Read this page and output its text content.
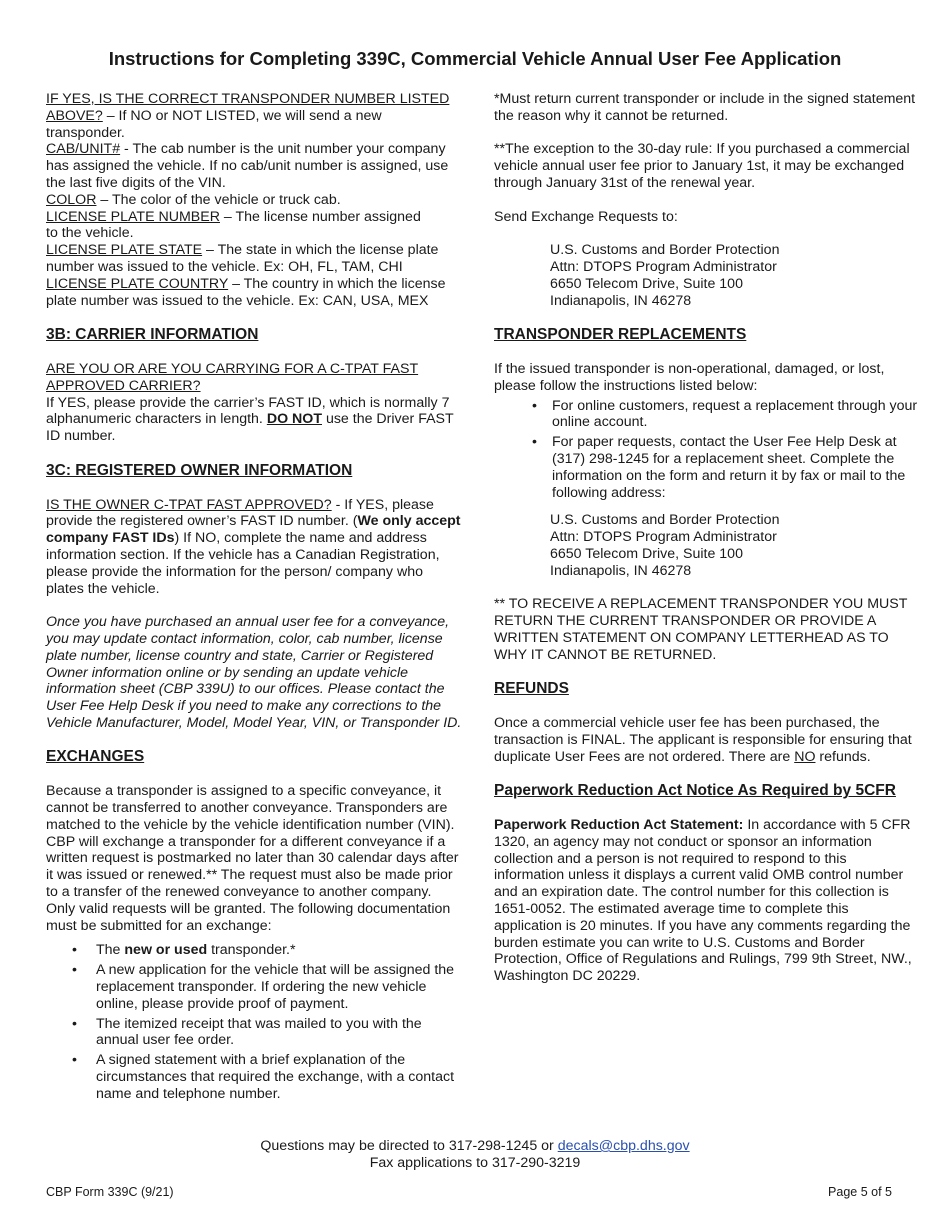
Instructions for Completing 339C, Commercial Vehicle Annual User Fee Application

IF YES, IS THE CORRECT TRANSPONDER NUMBER LISTED ABOVE? – If NO or NOT LISTED, we will send a new transponder.

CAB/UNIT# - The cab number is the unit number your company has assigned the vehicle. If no cab/unit number is assigned, use the last five digits of the VIN.

COLOR – The color of the vehicle or truck cab.

LICENSE PLATE NUMBER – The license number assigned to the vehicle.

LICENSE PLATE STATE – The state in which the license plate number was issued to the vehicle. Ex: OH, FL, TAM, CHI

LICENSE PLATE COUNTRY – The country in which the license plate number was issued to the vehicle. Ex: CAN, USA, MEX

3B: CARRIER INFORMATION

ARE YOU OR ARE YOU CARRYING FOR A C-TPAT FAST APPROVED CARRIER?

If YES, please provide the carrier’s FAST ID, which is normally 7 alphanumeric characters in length. DO NOT use the Driver FAST ID number.

3C: REGISTERED OWNER INFORMATION

IS THE OWNER C-TPAT FAST APPROVED? - If YES, please provide the registered owner’s FAST ID number. (We only accept company FAST IDs) If NO, complete the name and address information section. If the vehicle has a Canadian Registration, please provide the information for the person/ company who plates the vehicle.

Once you have purchased an annual user fee for a conveyance, you may update contact information, color, cab number, license plate number, license country and state, Carrier or Registered Owner information online or by sending an update vehicle information sheet (CBP 339U) to our offices. Please contact the User Fee Help Desk if you need to make any corrections to the Vehicle Manufacturer, Model, Model Year, VIN, or Transponder ID.

EXCHANGES

Because a transponder is assigned to a specific conveyance, it cannot be transferred to another conveyance. Transponders are matched to the vehicle by the vehicle identification number (VIN). CBP will exchange a transponder for a different conveyance if a written request is postmarked no later than 30 calendar days after it was issued or renewed.** The request must also be made prior to a transfer of the renewed conveyance to another company. Only valid requests will be granted. The following documentation must be submitted for an exchange:

• The new or used transponder.*
• A new application for the vehicle that will be assigned the replacement transponder. If ordering the new vehicle online, please provide proof of payment.
• The itemized receipt that was mailed to you with the annual user fee order.
• A signed statement with a brief explanation of the circumstances that required the exchange, with a contact name and telephone number.

*Must return current transponder or include in the signed statement the reason why it cannot be returned.

**The exception to the 30-day rule: If you purchased a commercial vehicle annual user fee prior to January 1st, it may be exchanged through January 31st of the renewal year.

Send Exchange Requests to:

U.S. Customs and Border Protection

Attn: DTOPS Program Administrator

6650 Telecom Drive, Suite 100

Indianapolis, IN 46278

TRANSPONDER REPLACEMENTS

If the issued transponder is non-operational, damaged, or lost, please follow the instructions listed below:

• For online customers, request a replacement through your online account.
• For paper requests, contact the User Fee Help Desk at (317) 298-1245 for a replacement sheet. Complete the information on the form and return it by fax or mail to the following address:

U.S. Customs and Border Protection

Attn: DTOPS Program Administrator

6650 Telecom Drive, Suite 100

Indianapolis, IN 46278

** TO RECEIVE A REPLACEMENT TRANSPONDER YOU MUST RETURN THE CURRENT TRANSPONDER OR PROVIDE A WRITTEN STATEMENT ON COMPANY LETTERHEAD AS TO WHY IT CANNOT BE RETURNED.

REFUNDS

Once a commercial vehicle user fee has been purchased, the transaction is FINAL. The applicant is responsible for ensuring that duplicate User Fees are not ordered. There are NO refunds.

Paperwork Reduction Act Notice As Required by 5CFR

Paperwork Reduction Act Statement: In accordance with 5 CFR 1320, an agency may not conduct or sponsor an information collection and a person is not required to respond to this information unless it displays a current valid OMB control number and an expiration date. The control number for this collection is 1651-0052. The estimated average time to complete this application is 20 minutes. If you have any comments regarding the burden estimate you can write to U.S. Customs and Border Protection, Office of Regulations and Rulings, 799 9th Street, NW., Washington DC 20229.

Questions may be directed to 317-298-1245 or decals@cbp.dhs.gov

Fax applications to 317-290-3219

CBP Form 339C (9/21)	Page 5 of 5
